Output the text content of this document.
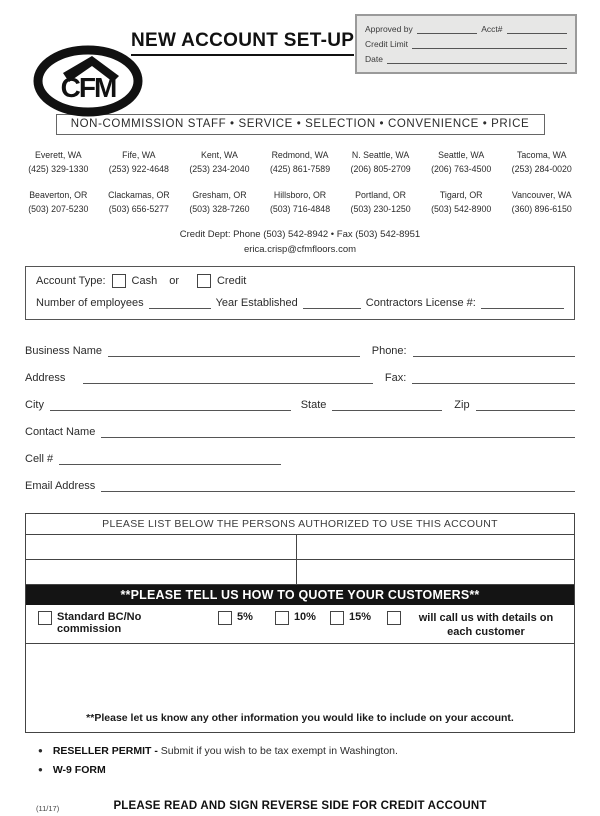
CFM
NEW ACCOUNT SET-UP
Approved by	Acct#
Credit Limit
Date
NON-COMMISSION STAFF • SERVICE • SELECTION • CONVENIENCE • PRICE
Everett, WA
(425) 329-1330
Fife, WA
(253) 922-4648
Kent, WA
(253) 234-2040
Redmond, WA
(425) 861-7589
N. Seattle, WA
(206) 805-2709
Seattle, WA
(206) 763-4500
Tacoma, WA
(253) 284-0020
Beaverton, OR
(503) 207-5230
Clackamas, OR
(503) 656-5277
Gresham, OR
(503) 328-7260
Hillsboro, OR
(503) 716-4848
Portland, OR
(503) 230-1250
Tigard, OR
(503) 542-8900
Vancouver, WA
(360) 896-6150
Credit Dept: Phone (503) 542-8942 • Fax (503) 542-8951
erica.crisp@cfmfloors.com
Account Type: Cash or	Credit
Number of employees	Year Established	Contractors License #:
Business Name	Phone:
Address	Fax:
City	State	Zip
Contact Name
Cell #
Email Address
PLEASE LIST BELOW THE PERSONS AUTHORIZED TO USE THIS ACCOUNT
**PLEASE TELL US HOW TO QUOTE YOUR CUSTOMERS**
Standard BC/No commission
5%	10%	15%	will call us with details on each customer
**Please let us know any other information you would like to include on your account.
● RESELLER PERMIT - Submit if you wish to be tax exempt in Washington.
● W-9 FORM
(11/17)	PLEASE READ AND SIGN REVERSE SIDE FOR CREDIT ACCOUNT
